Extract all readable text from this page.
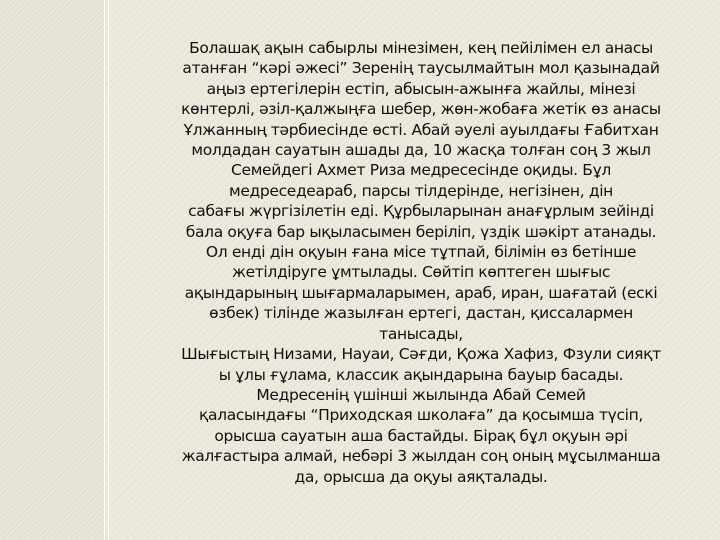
Болашақ ақын сабырлы мінезімен, кең пейілімен ел анасы
атанған “кәрі әжесі” Зеренің таусылмайтын мол қазынадай
аңыз ертегілерін естіп, абысын-ажынға жайлы, мінезі
көнтерлі, әзіл-қалжыңға шебер, жөн-жобаға жетік өз анасы
Ұлжанның тәрбиесінде өсті. Абай әуелі ауылдағы Ғабитхан
молдадан сауатын ашады да, 10 жасқа толған соң 3 жыл
Семейдегі Ахмет Риза медресесінде оқиды. Бұл
медреседеараб, парсы тілдерінде, негізінен, дін
сабағы жүргізілетін еді. Құрбыларынан анағұрлым зейінді
бала оқуға бар ықыласымен беріліп, үздік шәкірт атанады.
Ол енді дін оқуын ғана місе тұтпай, білімін өз бетінше
жетілдіруге ұмтылады. Сөйтіп көптеген шығыс
ақындарының шығармаларымен, араб, иран, шағатай (ескі
өзбек) тілінде жазылған ертегі, дастан, қиссалармен
танысады,
Шығыстың Низами, Науаи, Сәғди, Қожа Хафиз, Фзули сияқт
ы ұлы ғұлама, классик ақындарына бауыр басады.
Медресенің үшінші жылында Абай Семей
қаласындағы “Приходская школаға” да қосымша түсіп,
орысша сауатын аша бастайды. Бірақ бұл оқуын әрі
жалғастыра алмай, небәрі 3 жылдан соң оның мұсылманша
да, орысша да оқуы аяқталады.
